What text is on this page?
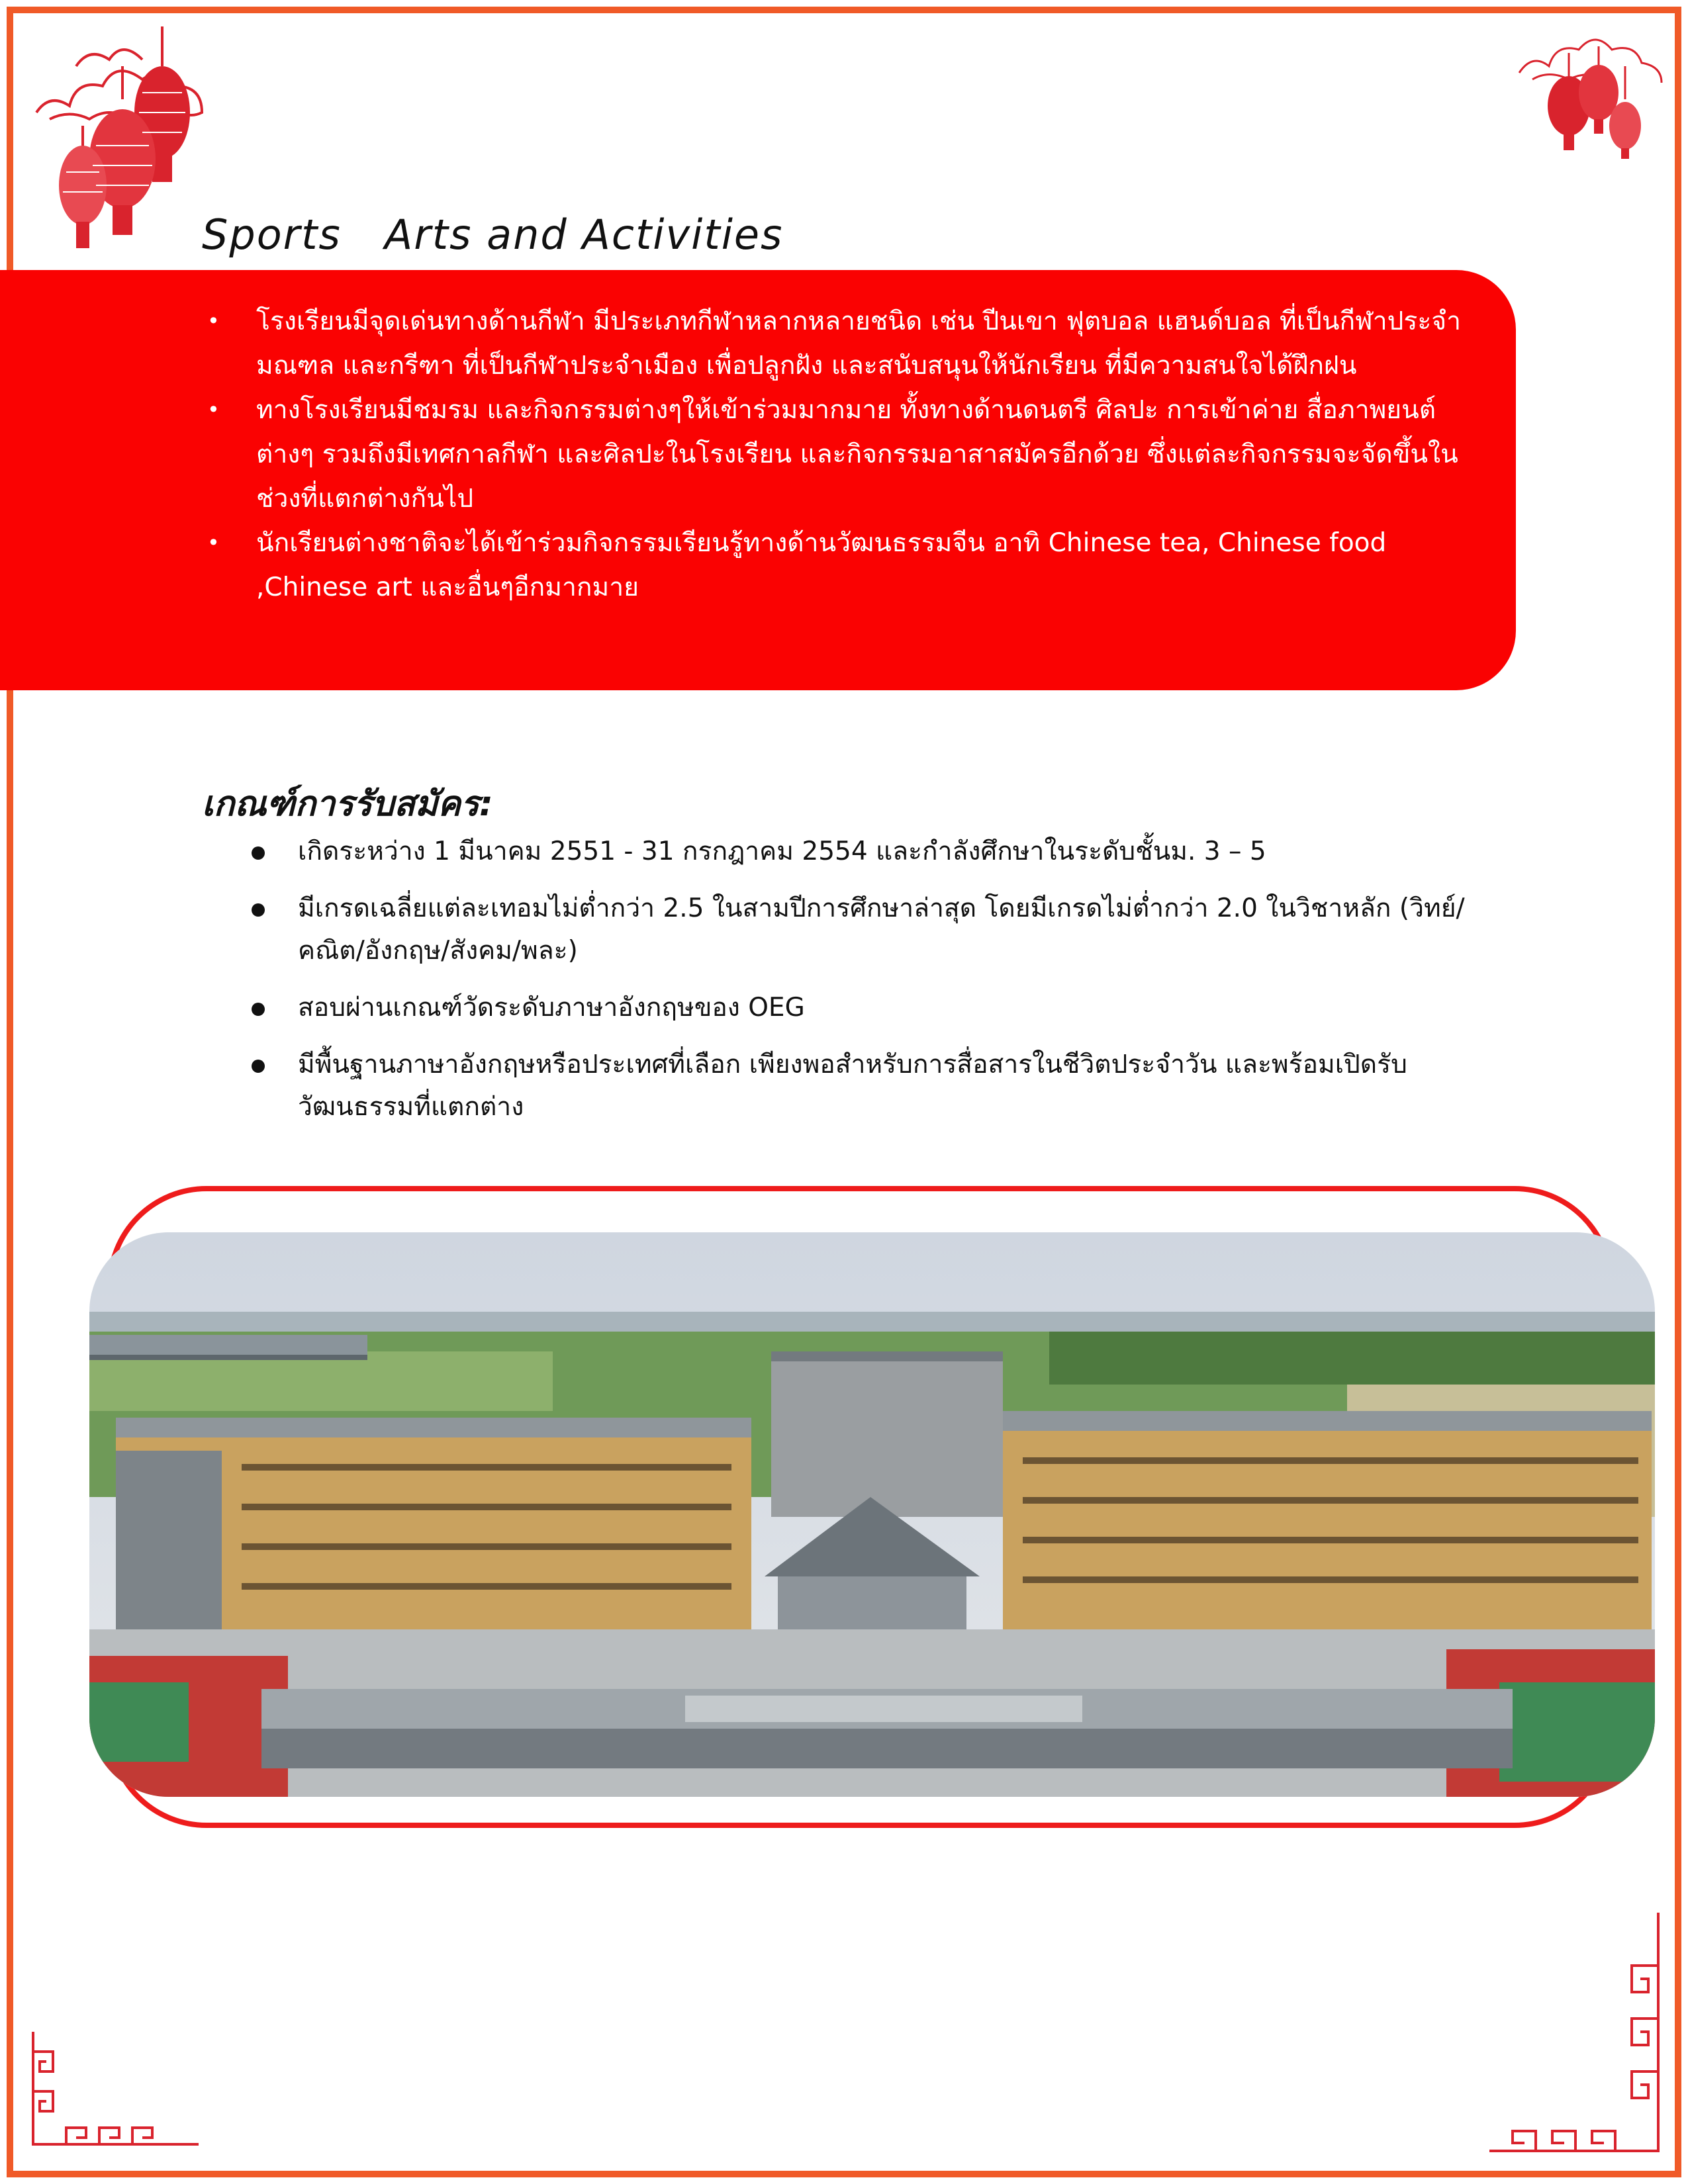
Sports   Arts and Activities
• โรงเรียนมีจุดเด่นทางด้านกีฬา มีประเภทกีฬาหลากหลายชนิด เช่น ปีนเขา ฟุตบอล แฮนด์บอล ที่เป็นกีฬาประจำมณฑล และกรีฑา ที่เป็นกีฬาประจำเมือง เพื่อปลูกฝัง และสนับสนุนให้นักเรียน ที่มีความสนใจได้ฝึกฝน
• ทางโรงเรียนมีชมรม และกิจกรรมต่างๆให้เข้าร่วมมากมาย ทั้งทางด้านดนตรี ศิลปะ การเข้าค่าย สื่อภาพยนต์ ต่างๆ รวมถึงมีเทศกาลกีฬา และศิลปะในโรงเรียน และกิจกรรมอาสาสมัครอีกด้วย ซึ่งแต่ละกิจกรรมจะจัดขึ้นในช่วงที่แตกต่างกันไป
• นักเรียนต่างชาติจะได้เข้าร่วมกิจกรรมเรียนรู้ทางด้านวัฒนธรรมจีน อาทิ Chinese tea, Chinese food ,Chinese art และอื่นๆอีกมากมาย
เกณฑ์การรับสมัคร:
เกิดระหว่าง 1 มีนาคม 2551 - 31 กรกฎาคม 2554 และกำลังศึกษาในระดับชั้นม. 3 – 5
มีเกรดเฉลี่ยแต่ละเทอมไม่ต่ำกว่า 2.5 ในสามปีการศึกษาล่าสุด โดยมีเกรดไม่ต่ำกว่า 2.0 ในวิชาหลัก (วิทย์/คณิต/อังกฤษ/สังคม/พละ)
สอบผ่านเกณฑ์วัดระดับภาษาอังกฤษของ OEG
มีพื้นฐานภาษาอังกฤษหรือประเทศที่เลือก เพียงพอสำหรับการสื่อสารในชีวิตประจำวัน และพร้อมเปิดรับวัฒนธรรมที่แตกต่าง
